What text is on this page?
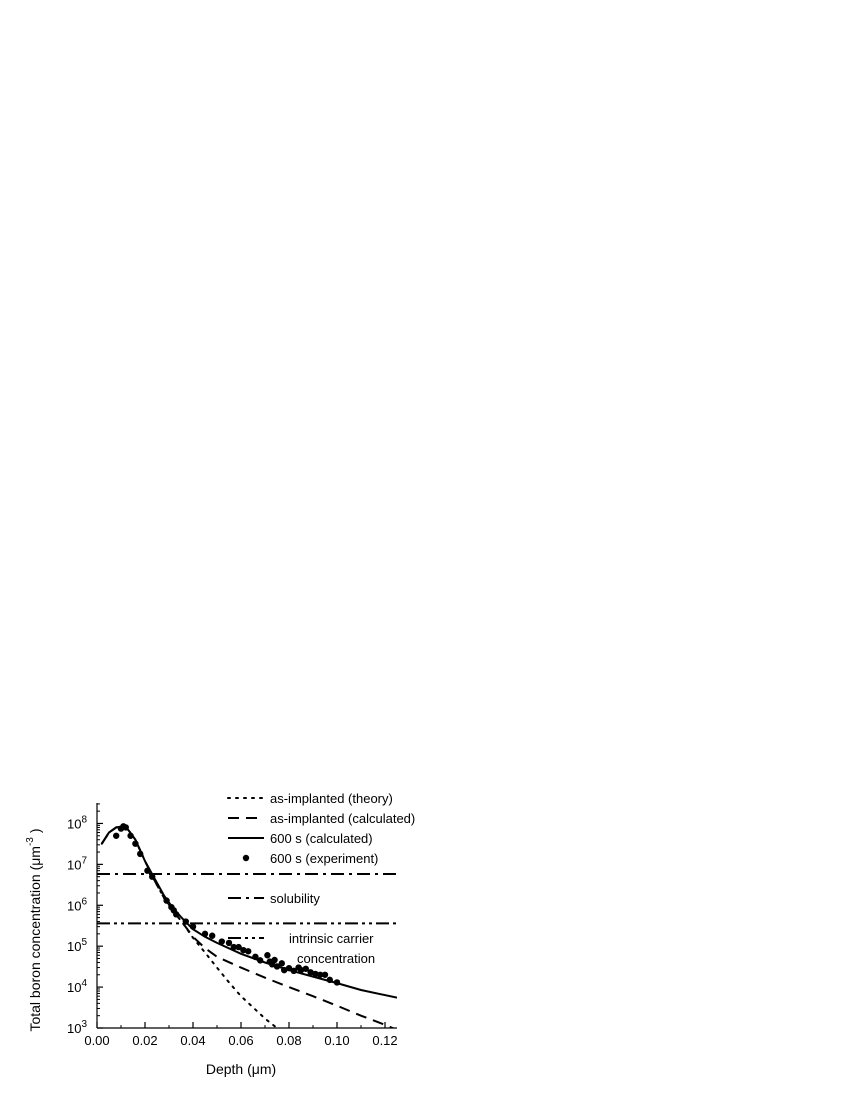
0.00 0.02 0.04 0.06 0.08 0.10 0.12
$10^3$
$10^4$
$10^5$
$10^6$
$10^7$
$10^8$
as-implanted (theory)
as-implanted (calculated)
600 s (calculated)
600 s (experiment)
solubility
intrinsic carrier
concentration
Depth (μm)
Total boron concentration $(\mu m^{-3})$
